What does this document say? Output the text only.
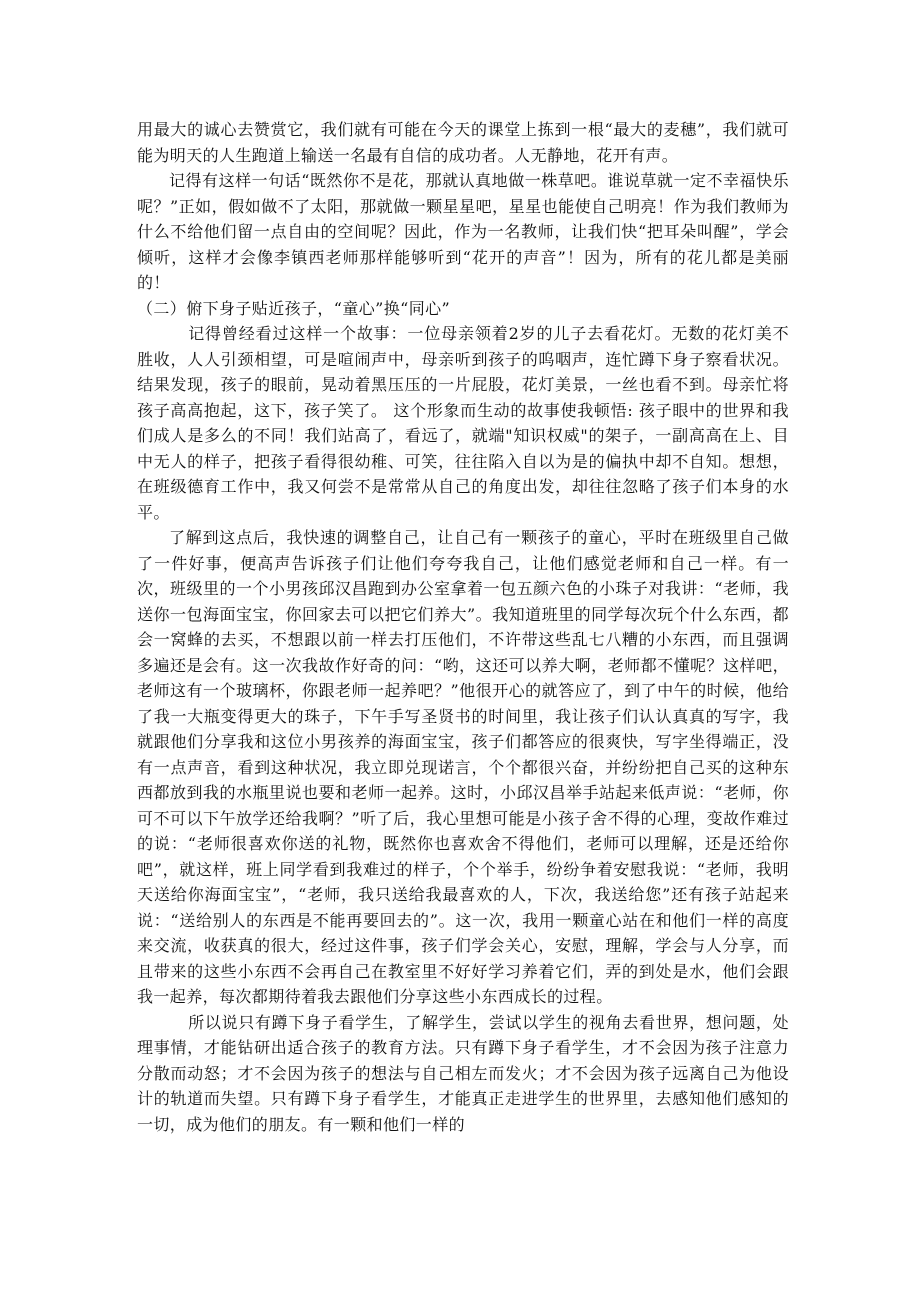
用最大的诚心去赞赏它，我们就有可能在今天的课堂上拣到一根“最大的麦穗”，我们就可能为明天的人生跑道上输送一名最有自信的成功者。人无静地，花开有声。

记得有这样一句话“既然你不是花，那就认真地做一株草吧。谁说草就一定不幸福快乐呢？”正如，假如做不了太阳，那就做一颗星星吧，星星也能使自己明亮！作为我们教师为什么不给他们留一点自由的空间呢？因此，作为一名教师，让我们快“把耳朵叫醒”，学会倾听，这样才会像李镇西老师那样能够听到“花开的声音”！因为，所有的花儿都是美丽的！

（二）俯下身子贴近孩子，“童心”换“同心”

记得曾经看过这样一个故事：一位母亲领着2岁的儿子去看花灯。无数的花灯美不胜收，人人引颈相望，可是喧闹声中，母亲听到孩子的呜咽声，连忙蹲下身子察看状况。结果发现，孩子的眼前，晃动着黑压压的一片屁股，花灯美景，一丝也看不到。母亲忙将孩子高高抱起，这下，孩子笑了。 这个形象而生动的故事使我顿悟: 孩子眼中的世界和我们成人是多么的不同！我们站高了，看远了，就端"知识权威"的架子，一副高高在上、目中无人的样子，把孩子看得很幼稚、可笑，往往陷入自以为是的偏执中却不自知。想想，在班级德育工作中，我又何尝不是常常从自己的角度出发，却往往忽略了孩子们本身的水平。

了解到这点后，我快速的调整自己，让自己有一颗孩子的童心，平时在班级里自己做了一件好事，便高声告诉孩子们让他们夸夸我自己，让他们感觉老师和自己一样。有一次，班级里的一个小男孩邱汉昌跑到办公室拿着一包五颜六色的小珠子对我讲：“老师，我送你一包海面宝宝，你回家去可以把它们养大”。我知道班里的同学每次玩个什么东西，都会一窝蜂的去买，不想跟以前一样去打压他们，不许带这些乱七八糟的小东西，而且强调多遍还是会有。这一次我故作好奇的问：“哟，这还可以养大啊，老师都不懂呢？这样吧，老师这有一个玻璃杯，你跟老师一起养吧？”他很开心的就答应了，到了中午的时候，他给了我一大瓶变得更大的珠子，下午手写圣贤书的时间里，我让孩子们认认真真的写字，我就跟他们分享我和这位小男孩养的海面宝宝，孩子们都答应的很爽快，写字坐得端正，没有一点声音，看到这种状况，我立即兑现诺言，个个都很兴奋，并纷纷把自己买的这种东西都放到我的水瓶里说也要和老师一起养。这时，小邱汉昌举手站起来低声说：“老师，你可不可以下午放学还给我啊？”听了后，我心里想可能是小孩子舍不得的心理，变故作难过的说：“老师很喜欢你送的礼物，既然你也喜欢舍不得他们，老师可以理解，还是还给你吧”，就这样，班上同学看到我难过的样子，个个举手，纷纷争着安慰我说：“老师，我明天送给你海面宝宝”，“老师，我只送给我最喜欢的人，下次，我送给您”还有孩子站起来说：“送给别人的东西是不能再要回去的”。这一次，我用一颗童心站在和他们一样的高度来交流，收获真的很大，经过这件事，孩子们学会关心，安慰，理解，学会与人分享，而且带来的这些小东西不会再自己在教室里不好好学习养着它们，弄的到处是水，他们会跟我一起养，每次都期待着我去跟他们分享这些小东西成长的过程。

所以说只有蹲下身子看学生，了解学生，尝试以学生的视角去看世界，想问题，处理事情，才能钻研出适合孩子的教育方法。只有蹲下身子看学生，才不会因为孩子注意力分散而动怒；才不会因为孩子的想法与自己相左而发火；才不会因为孩子远离自己为他设计的轨道而失望。只有蹲下身子看学生，才能真正走进学生的世界里，去感知他们感知的一切，成为他们的朋友。有一颗和他们一样的
